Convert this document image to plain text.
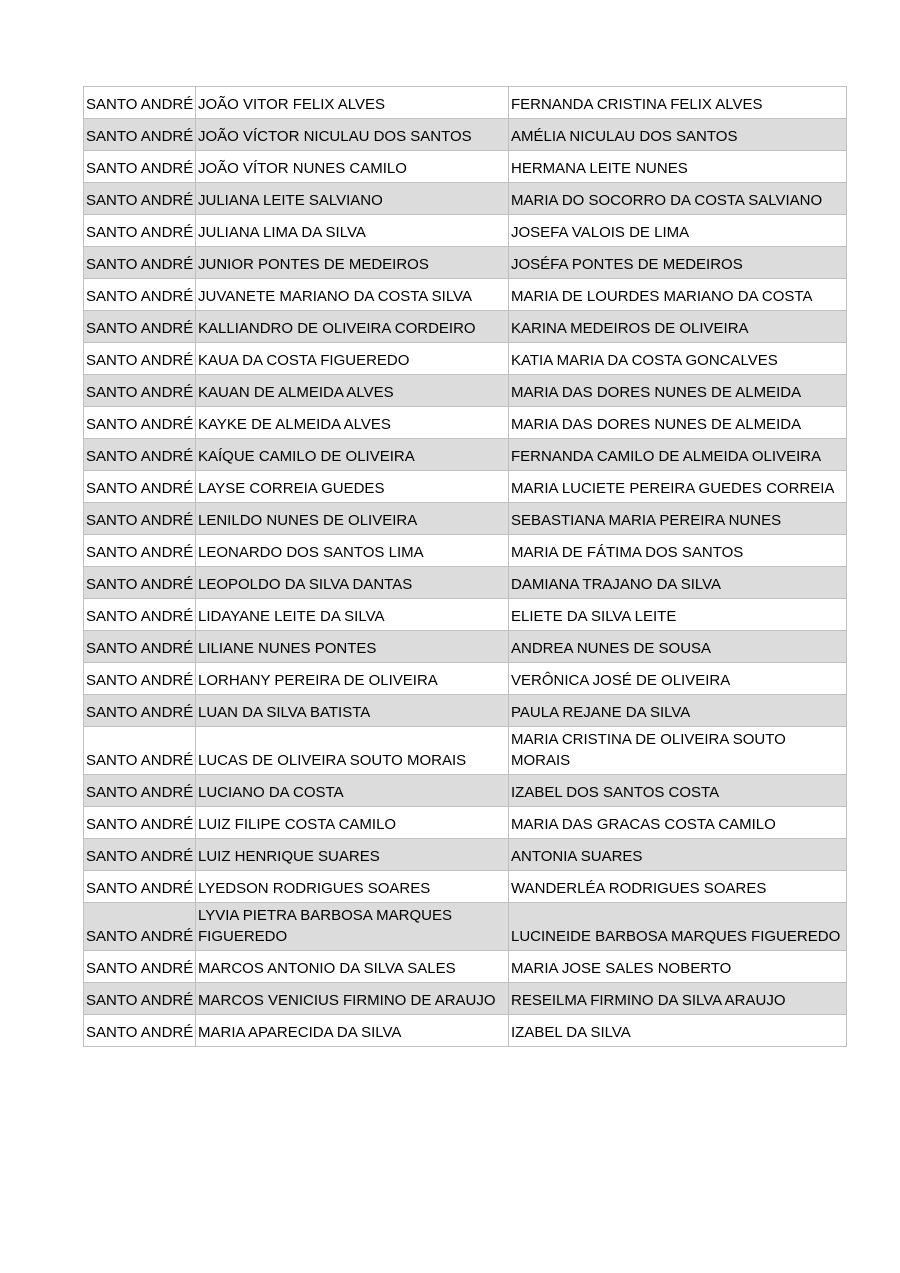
SANTO ANDRÉ	JOÃO VITOR FELIX ALVES	FERNANDA CRISTINA FELIX ALVES
SANTO ANDRÉ	JOÃO VÍCTOR NICULAU DOS SANTOS	AMÉLIA NICULAU DOS SANTOS
SANTO ANDRÉ	JOÃO VÍTOR NUNES CAMILO	HERMANA LEITE NUNES
SANTO ANDRÉ	JULIANA LEITE SALVIANO	MARIA DO SOCORRO DA COSTA SALVIANO
SANTO ANDRÉ	JULIANA LIMA DA SILVA	JOSEFA VALOIS DE LIMA
SANTO ANDRÉ	JUNIOR PONTES DE MEDEIROS	JOSÉFA PONTES DE MEDEIROS
SANTO ANDRÉ	JUVANETE MARIANO DA COSTA SILVA	MARIA DE LOURDES MARIANO DA COSTA
SANTO ANDRÉ	KALLIANDRO DE OLIVEIRA CORDEIRO	KARINA MEDEIROS DE OLIVEIRA
SANTO ANDRÉ	KAUA DA COSTA FIGUEREDO	KATIA MARIA DA COSTA GONCALVES
SANTO ANDRÉ	KAUAN DE ALMEIDA ALVES	MARIA DAS DORES NUNES DE ALMEIDA
SANTO ANDRÉ	KAYKE DE ALMEIDA ALVES	MARIA DAS DORES NUNES DE ALMEIDA
SANTO ANDRÉ	KAÍQUE CAMILO DE OLIVEIRA	FERNANDA CAMILO DE ALMEIDA OLIVEIRA
SANTO ANDRÉ	LAYSE CORREIA GUEDES	MARIA LUCIETE PEREIRA GUEDES CORREIA
SANTO ANDRÉ	LENILDO NUNES DE OLIVEIRA	SEBASTIANA MARIA PEREIRA NUNES
SANTO ANDRÉ	LEONARDO DOS SANTOS LIMA	MARIA DE FÁTIMA DOS SANTOS
SANTO ANDRÉ	LEOPOLDO DA SILVA DANTAS	DAMIANA TRAJANO DA SILVA
SANTO ANDRÉ	LIDAYANE LEITE DA SILVA	ELIETE DA SILVA LEITE
SANTO ANDRÉ	LILIANE NUNES PONTES	ANDREA NUNES DE SOUSA
SANTO ANDRÉ	LORHANY PEREIRA DE OLIVEIRA	VERÔNICA JOSÉ DE OLIVEIRA
SANTO ANDRÉ	LUAN DA SILVA BATISTA	PAULA REJANE DA SILVA
SANTO ANDRÉ	LUCAS DE OLIVEIRA SOUTO MORAIS	MARIA CRISTINA DE OLIVEIRA SOUTO MORAIS
SANTO ANDRÉ	LUCIANO DA COSTA	IZABEL DOS SANTOS COSTA
SANTO ANDRÉ	LUIZ FILIPE COSTA CAMILO	MARIA DAS GRACAS COSTA CAMILO
SANTO ANDRÉ	LUIZ HENRIQUE SUARES	ANTONIA SUARES
SANTO ANDRÉ	LYEDSON RODRIGUES SOARES	WANDERLÉA RODRIGUES SOARES
SANTO ANDRÉ	LYVIA PIETRA BARBOSA MARQUES FIGUEREDO	LUCINEIDE BARBOSA MARQUES FIGUEREDO
SANTO ANDRÉ	MARCOS ANTONIO DA SILVA SALES	MARIA JOSE SALES NOBERTO
SANTO ANDRÉ	MARCOS VENICIUS FIRMINO DE ARAUJO	RESEILMA FIRMINO DA SILVA ARAUJO
SANTO ANDRÉ	MARIA APARECIDA DA SILVA	IZABEL DA SILVA
